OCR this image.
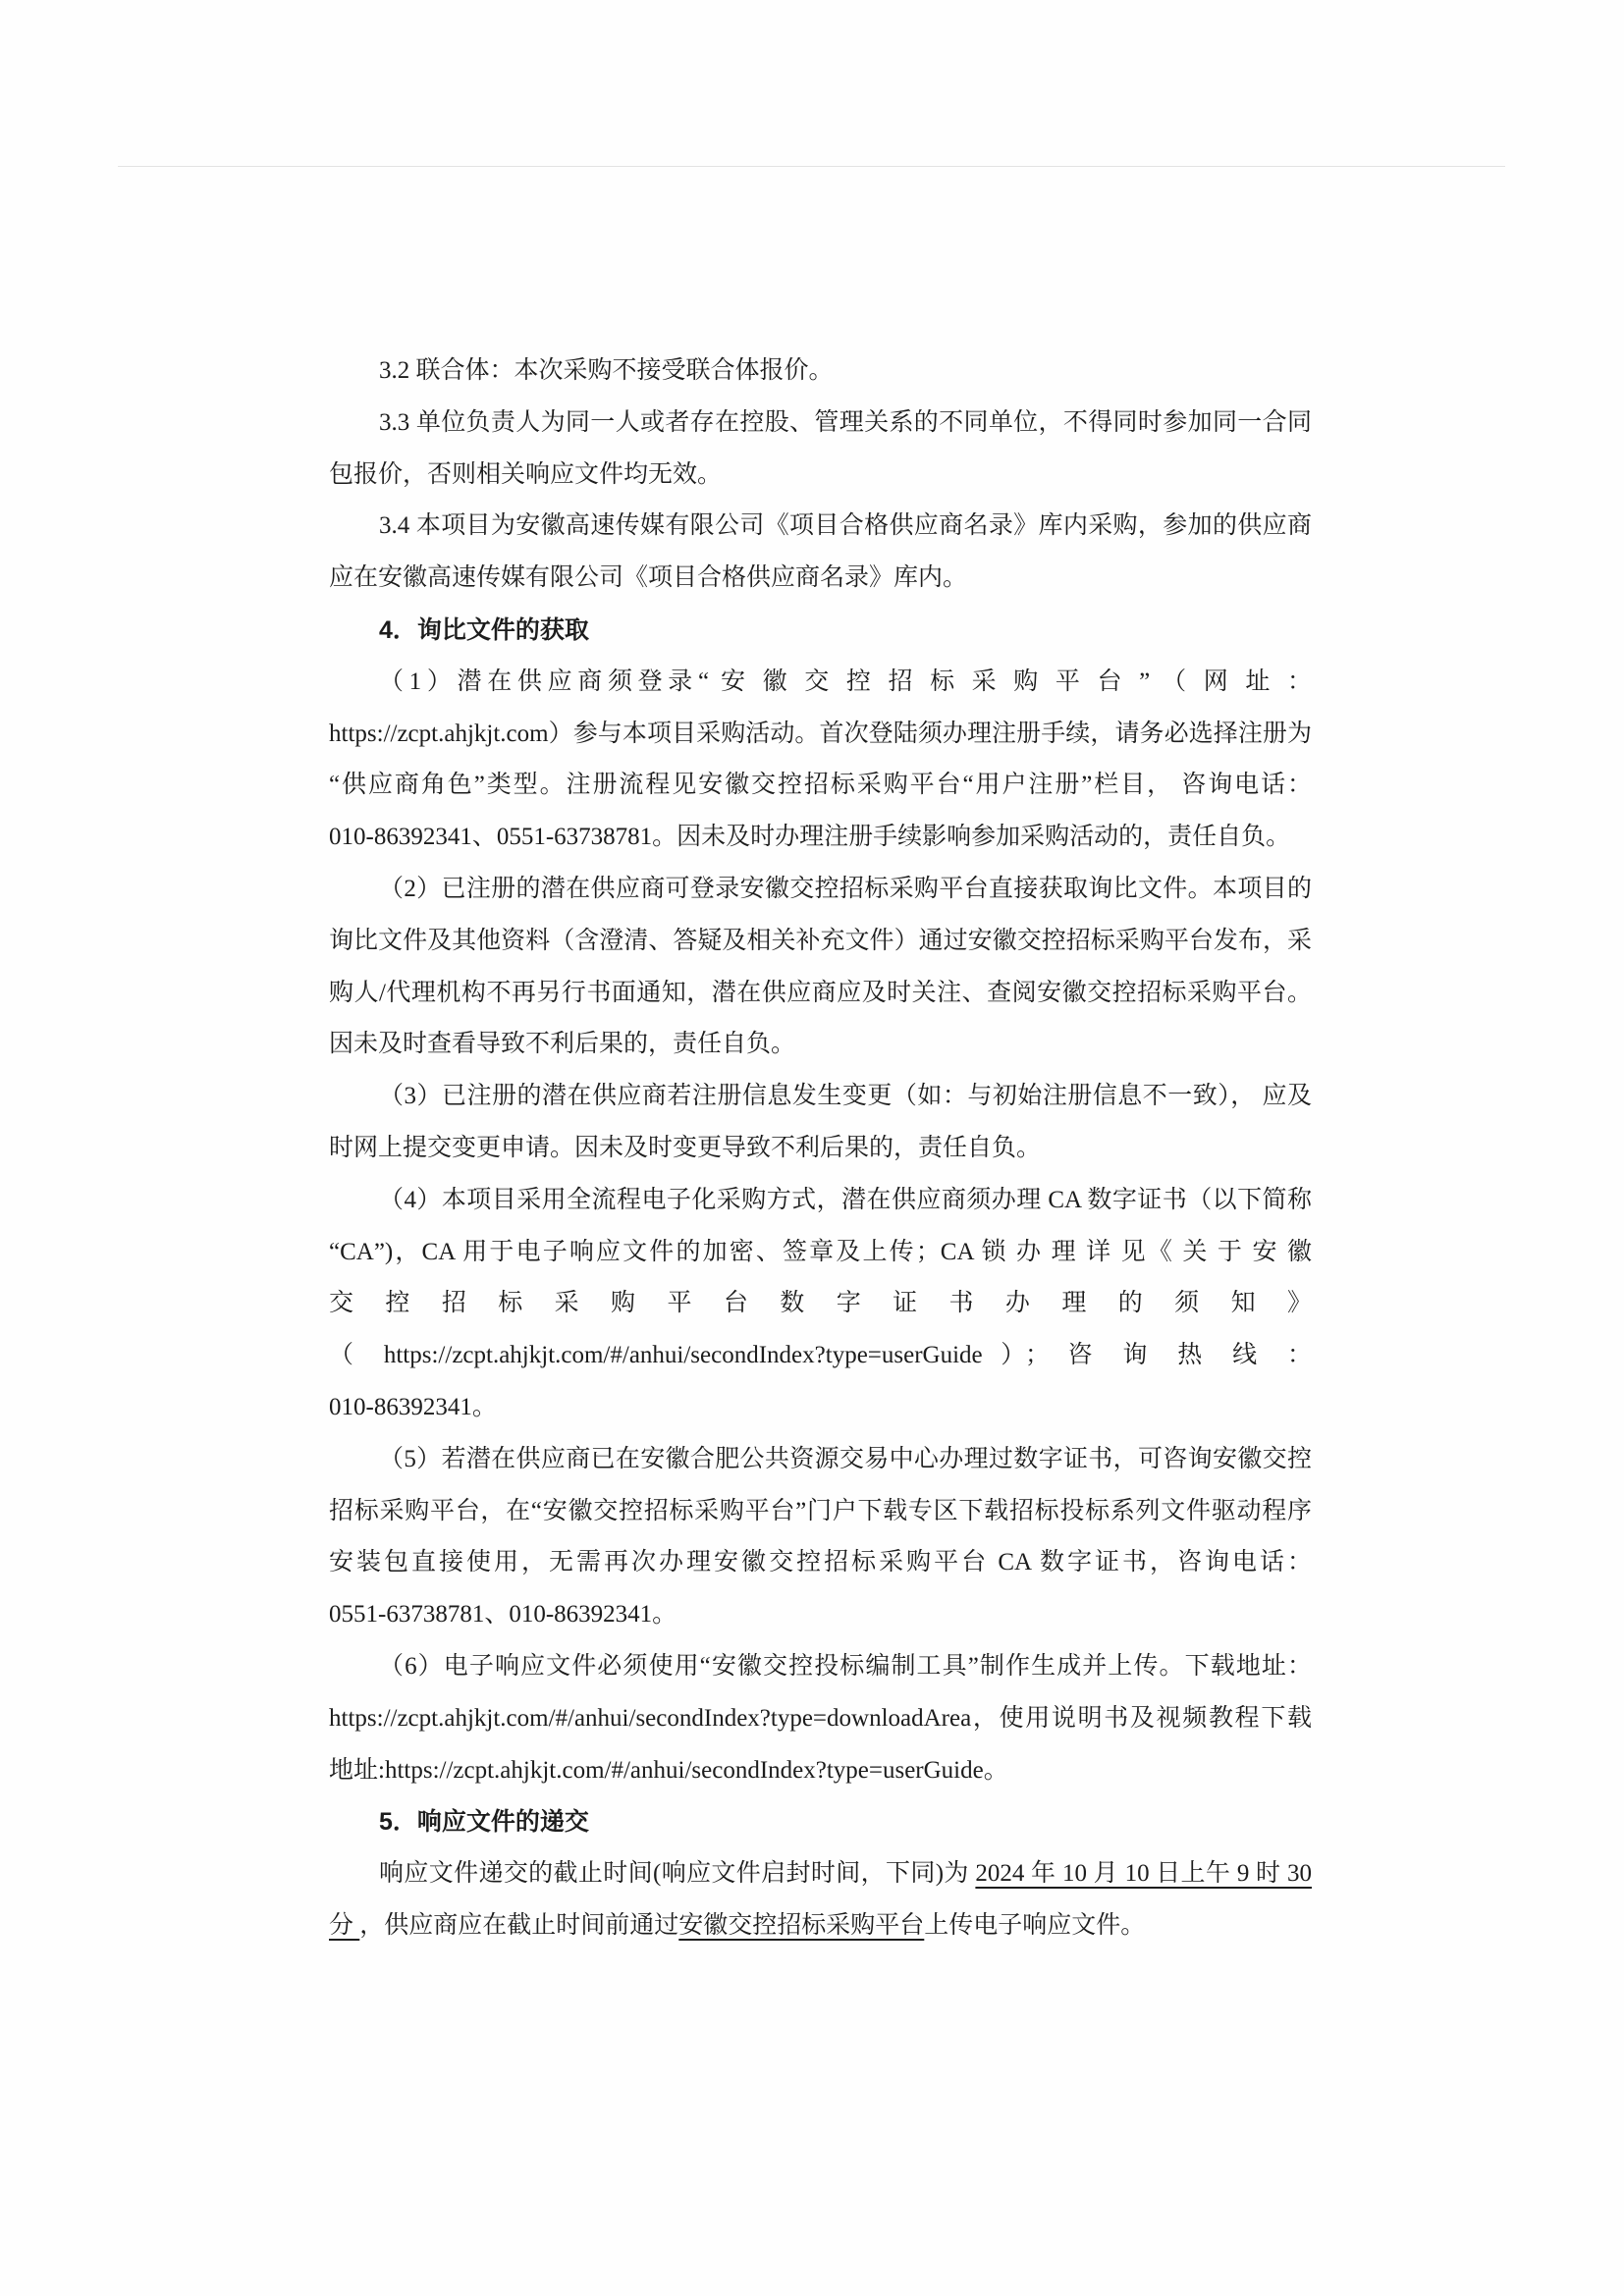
3.2 联合体：本次采购不接受联合体报价。
3.3 单位负责人为同一人或者存在控股、管理关系的不同单位，不得同时参加同一合同
包报价，否则相关响应文件均无效。
3.4 本项目为安徽高速传媒有限公司《项目合格供应商名录》库内采购，参加的供应商
应在安徽高速传媒有限公司《项目合格供应商名录》库内。
4．询比文件的获取
（1）潜在供应商须登录“ 安 徽 交 控 招 标 采 购 平 台 ” （ 网 址 ：
https://zcpt.ahjkjt.com）参与本项目采购活动。首次登陆须办理注册手续，请务必选择注册为
“供应商角色”类型。注册流程见安徽交控招标采购平台“用户注册”栏目， 咨询电话：
010-86392341、0551-63738781。因未及时办理注册手续影响参加采购活动的，责任自负。
（2）已注册的潜在供应商可登录安徽交控招标采购平台直接获取询比文件。本项目的
询比文件及其他资料（含澄清、答疑及相关补充文件）通过安徽交控招标采购平台发布，采
购人/代理机构不再另行书面通知，潜在供应商应及时关注、查阅安徽交控招标采购平台。
因未及时查看导致不利后果的，责任自负。
（3）已注册的潜在供应商若注册信息发生变更（如：与初始注册信息不一致）， 应及
时网上提交变更申请。因未及时变更导致不利后果的，责任自负。
（4）本项目采用全流程电子化采购方式，潜在供应商须办理 CA 数字证书（以下简称
“CA”)，CA 用于电子响应文件的加密、签章及上传；CA 锁 办 理 详 见《 关 于 安 徽
交 控 招 标 采 购 平 台 数 字 证 书 办 理 的 须 知 》
（ https://zcpt.ahjkjt.com/#/anhui/secondIndex?type=userGuide ）； 咨 询 热 线 ：
010-86392341。
（5）若潜在供应商已在安徽合肥公共资源交易中心办理过数字证书，可咨询安徽交控
招标采购平台，在“安徽交控招标采购平台”门户下载专区下载招标投标系列文件驱动程序
安装包直接使用，无需再次办理安徽交控招标采购平台 CA 数字证书，咨询电话：
0551-63738781、010-86392341。
（6）电子响应文件必须使用“安徽交控投标编制工具”制作生成并上传。下载地址：
https://zcpt.ahjkjt.com/#/anhui/secondIndex?type=downloadArea，使用说明书及视频教程下载
地址:https://zcpt.ahjkjt.com/#/anhui/secondIndex?type=userGuide。
5．响应文件的递交
响应文件递交的截止时间(响应文件启封时间，下同)为 2024 年 10 月 10 日上午 9 时 30
分 ，供应商应在截止时间前通过安徽交控招标采购平台上传电子响应文件。
